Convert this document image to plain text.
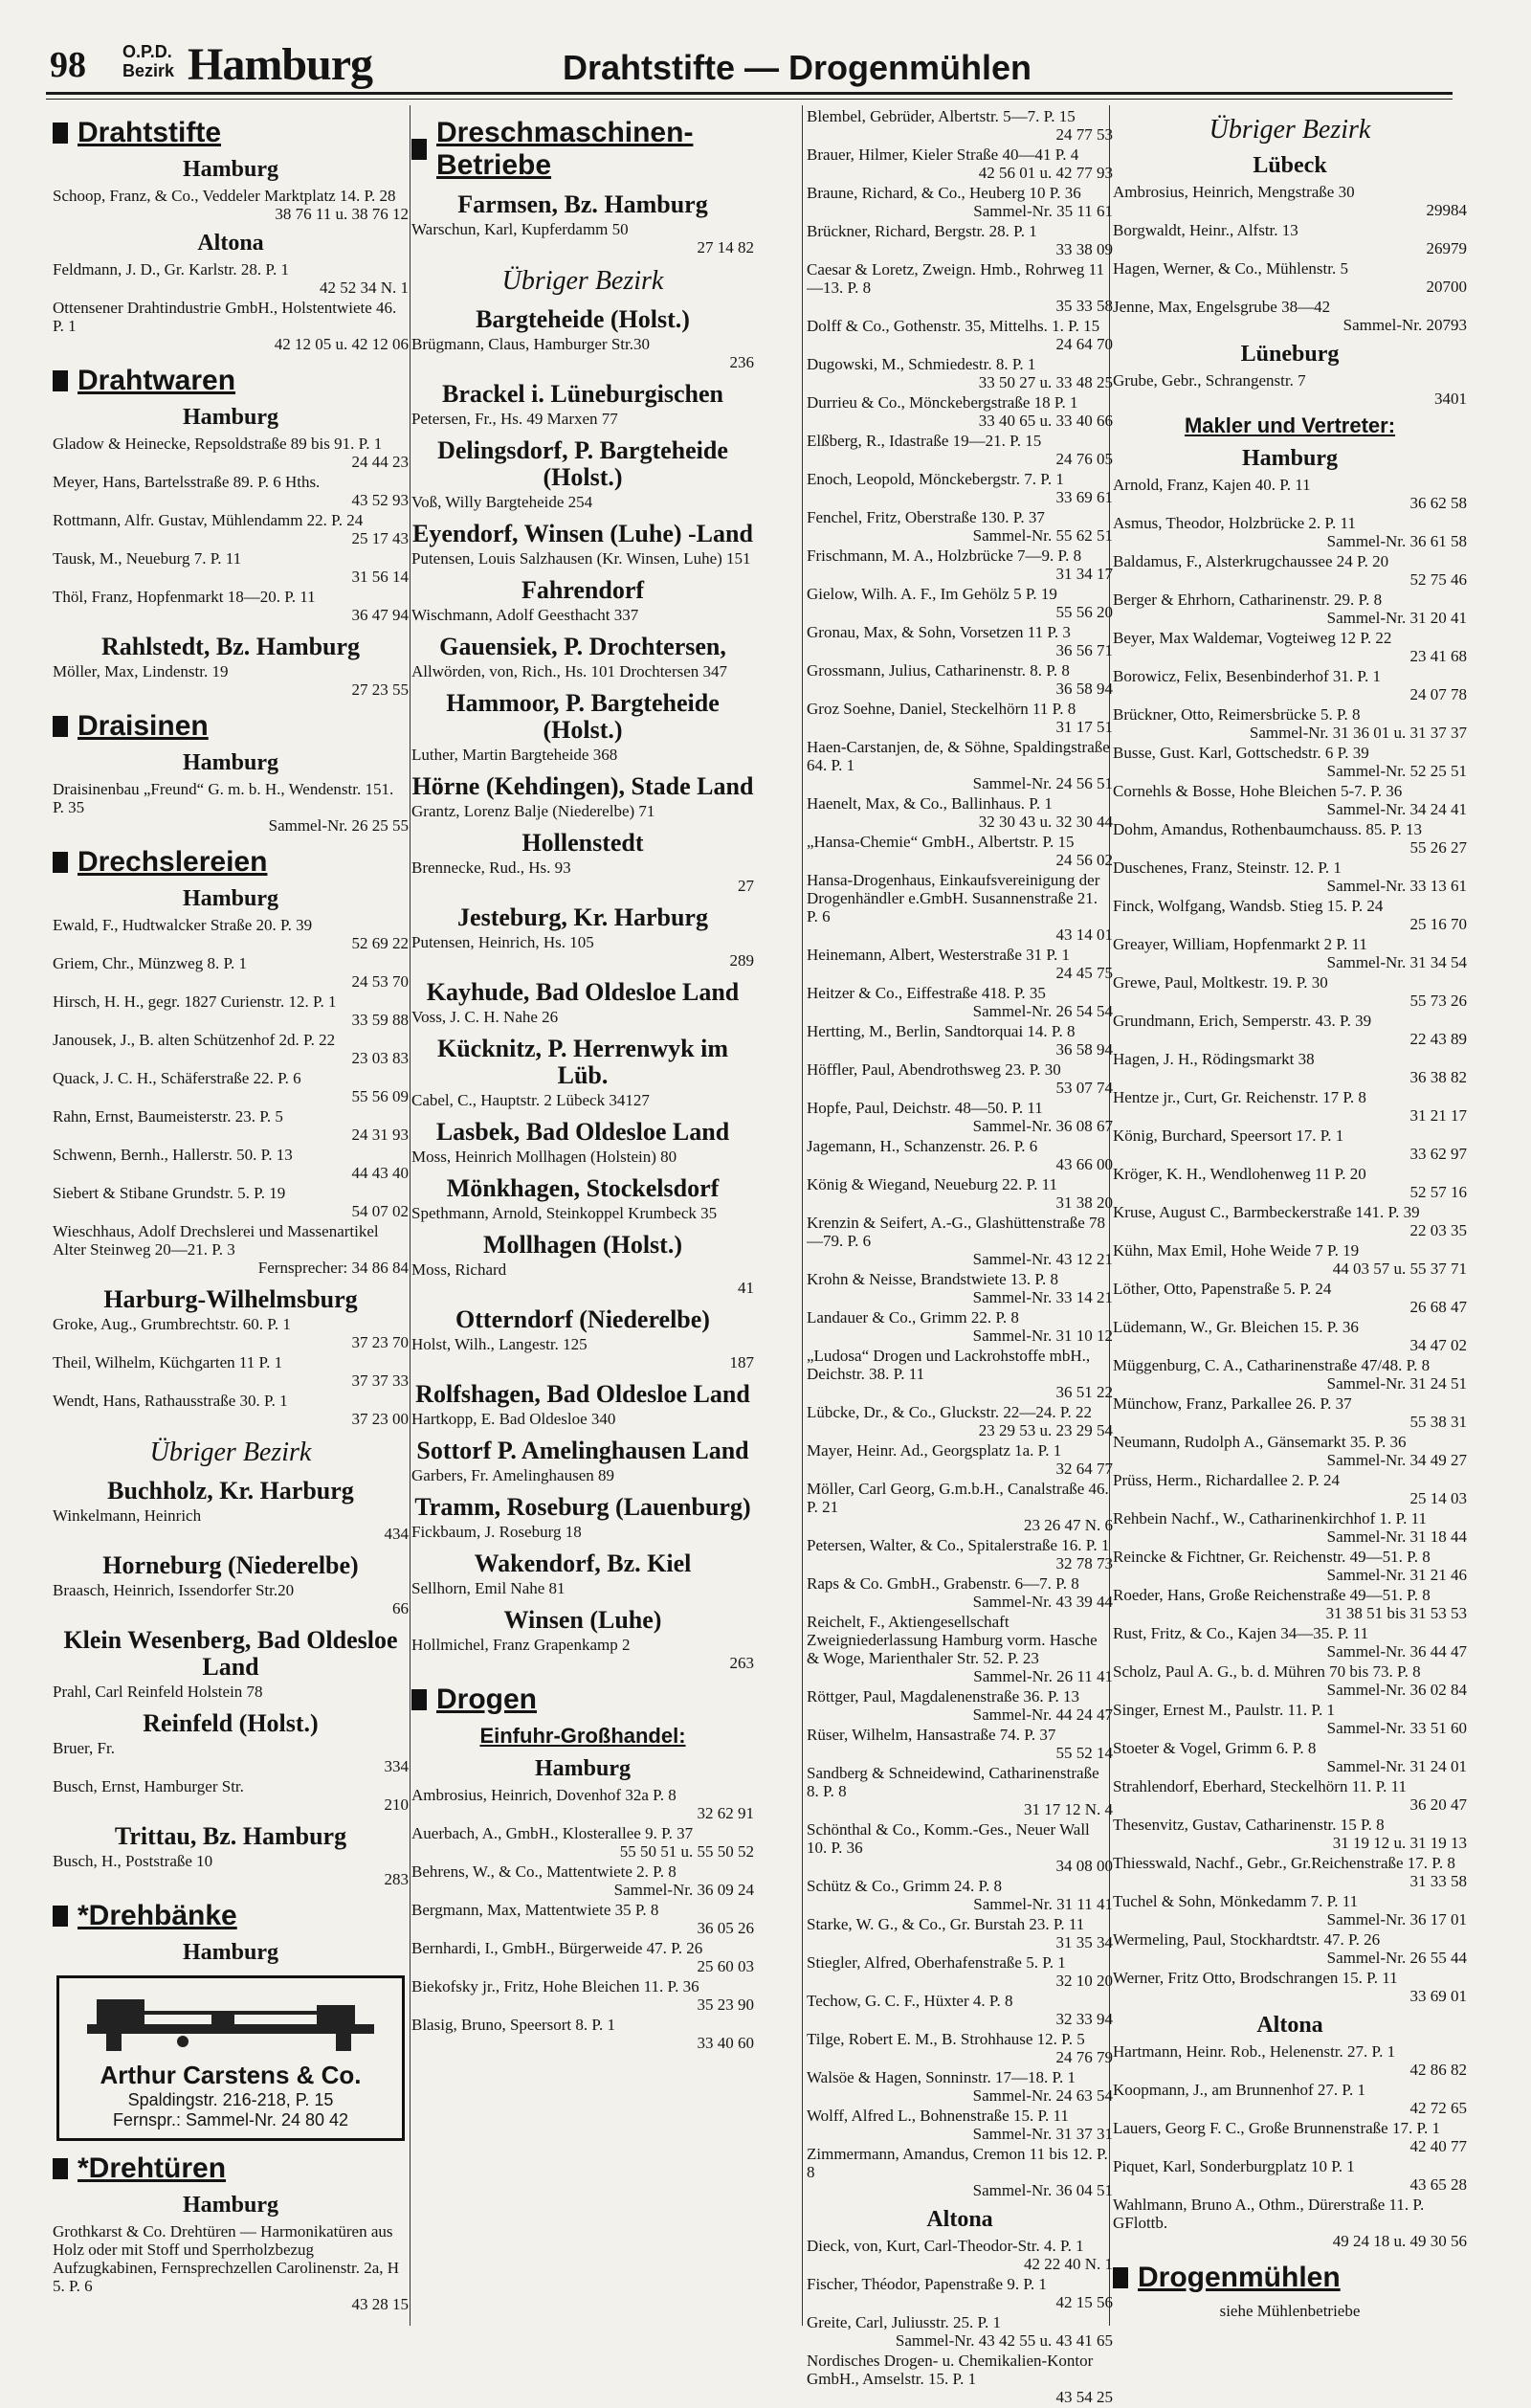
98 O.P.D.
Bezirk Hamburg	Drahtstifte — Drogenmühlen
Drahtstifte
Hamburg
Schoop, Franz, & Co., Veddeler Marktplatz 14. P. 28
38 76 11 u. 38 76 12
Altona
Feldmann, J. D., Gr. Karlstr. 28. P. 1
42 52 34 N. 1
Ottensener Drahtindustrie GmbH., Holstentwiete 46. P. 1
42 12 05 u. 42 12 06
Drahtwaren
Hamburg
Gladow & Heinecke, Repsoldstraße 89 bis 91. P. 1
24 44 23
Meyer, Hans, Bartelsstraße 89. P. 6 Hths.
43 52 93
Rottmann, Alfr. Gustav, Mühlendamm 22. P. 24
25 17 43
Tausk, M., Neueburg 7. P. 11
31 56 14
Thöl, Franz, Hopfenmarkt 18—20. P. 11
36 47 94
Rahlstedt, Bz. Hamburg
Möller, Max, Lindenstr. 19
27 23 55
Draisinen
Hamburg
Draisinenbau „Freund“ G. m. b. H., Wendenstr. 151. P. 35
Sammel-Nr. 26 25 55
Drechslereien
Hamburg
Ewald, F., Hudtwalcker Straße 20. P. 39
52 69 22
Griem, Chr., Münzweg 8. P. 1
24 53 70
Hirsch, H. H., gegr. 1827 Curienstr. 12. P. 1
33 59 88
Janousek, J., B. alten Schützenhof 2d. P. 22
23 03 83
Quack, J. C. H., Schäferstraße 22. P. 6
55 56 09
Rahn, Ernst, Baumeisterstr. 23. P. 5
24 31 93
Schwenn, Bernh., Hallerstr. 50. P. 13
44 43 40
Siebert & Stibane Grundstr. 5. P. 19
54 07 02
Wieschhaus, Adolf Drechslerei und Massenartikel Alter Steinweg 20—21. P. 3
Fernsprecher: 34 86 84
Harburg-Wilhelmsburg
Groke, Aug., Grumbrechtstr. 60. P. 1
37 23 70
Theil, Wilhelm, Küchgarten 11 P. 1
37 37 33
Wendt, Hans, Rathausstraße 30. P. 1
37 23 00
Übriger Bezirk
Buchholz, Kr. Harburg
Winkelmann, Heinrich
434
Horneburg (Niederelbe)
Braasch, Heinrich, Issendorfer Str.20
66
Klein Wesenberg, Bad Oldesloe Land
Prahl, Carl Reinfeld Holstein 78
Reinfeld (Holst.)
Bruer, Fr.
334
Busch, Ernst, Hamburger Str.
210
Trittau, Bz. Hamburg
Busch, H., Poststraße 10
283
*Drehbänke
Hamburg
Arthur Carstens & Co.
Spaldingstr. 216-218, P. 15
Fernspr.: Sammel-Nr. 24 80 42
*Drehtüren
Hamburg
Grothkarst & Co. Drehtüren — Harmonikatüren aus Holz oder mit Stoff und Sperrholzbezug Aufzugkabinen, Fernsprechzellen Carolinenstr. 2a, H 5. P. 6
43 28 15
Dreschmaschinen-Betriebe
Farmsen, Bz. Hamburg
Warschun, Karl, Kupferdamm 50
27 14 82
Übriger Bezirk
Bargteheide (Holst.)
Brügmann, Claus, Hamburger Str.30
236
Brackel i. Lüneburgischen
Petersen, Fr., Hs. 49 Marxen 77
Delingsdorf, P. Bargteheide (Holst.)
Voß, Willy Bargteheide 254
Eyendorf, Winsen (Luhe) -Land
Putensen, Louis Salzhausen (Kr. Winsen, Luhe) 151
Fahrendorf
Wischmann, Adolf Geesthacht 337
Gauensiek, P. Drochtersen,
Allwörden, von, Rich., Hs. 101 Drochtersen 347
Hammoor, P. Bargteheide (Holst.)
Luther, Martin Bargteheide 368
Hörne (Kehdingen), Stade Land
Grantz, Lorenz Balje (Niederelbe) 71
Hollenstedt
Brennecke, Rud., Hs. 93
27
Jesteburg, Kr. Harburg
Putensen, Heinrich, Hs. 105
289
Kayhude, Bad Oldesloe Land
Voss, J. C. H. Nahe 26
Kücknitz, P. Herrenwyk im Lüb.
Cabel, C., Hauptstr. 2 Lübeck 34127
Lasbek, Bad Oldesloe Land
Moss, Heinrich Mollhagen (Holstein) 80
Mönkhagen, Stockelsdorf
Spethmann, Arnold, Steinkoppel Krumbeck 35
Mollhagen (Holst.)
Moss, Richard
41
Otterndorf (Niederelbe)
Holst, Wilh., Langestr. 125
187
Rolfshagen, Bad Oldesloe Land
Hartkopp, E. Bad Oldesloe 340
Sottorf P. Amelinghausen Land
Garbers, Fr. Amelinghausen 89
Tramm, Roseburg (Lauenburg)
Fickbaum, J. Roseburg 18
Wakendorf, Bz. Kiel
Sellhorn, Emil Nahe 81
Winsen (Luhe)
Hollmichel, Franz Grapenkamp 2
263
Drogen
Einfuhr-Großhandel:
Hamburg
Ambrosius, Heinrich, Dovenhof 32a P. 8
32 62 91
Auerbach, A., GmbH., Klosterallee 9. P. 37
55 50 51 u. 55 50 52
Behrens, W., & Co., Mattentwiete 2. P. 8
Sammel-Nr. 36 09 24
Bergmann, Max, Mattentwiete 35 P. 8
36 05 26
Bernhardi, I., GmbH., Bürgerweide 47. P. 26
25 60 03
Biekofsky jr., Fritz, Hohe Bleichen 11. P. 36
35 23 90
Blasig, Bruno, Speersort 8. P. 1
33 40 60
Blembel, Gebrüder, Albertstr. 5—7. P. 15
24 77 53
Brauer, Hilmer, Kieler Straße 40—41 P. 4
42 56 01 u. 42 77 93
Braune, Richard, & Co., Heuberg 10 P. 36
Sammel-Nr. 35 11 61
Brückner, Richard, Bergstr. 28. P. 1
33 38 09
Caesar & Loretz, Zweign. Hmb., Rohrweg 11—13. P. 8
35 33 58
Dolff & Co., Gothenstr. 35, Mittelhs. 1. P. 15
24 64 70
Dugowski, M., Schmiedestr. 8. P. 1
33 50 27 u. 33 48 25
Durrieu & Co., Mönckebergstraße 18 P. 1
33 40 65 u. 33 40 66
Elßberg, R., Idastraße 19—21. P. 15
24 76 05
Enoch, Leopold, Mönckebergstr. 7. P. 1
33 69 61
Fenchel, Fritz, Oberstraße 130. P. 37
Sammel-Nr. 55 62 51
Frischmann, M. A., Holzbrücke 7—9. P. 8
31 34 17
Gielow, Wilh. A. F., Im Gehölz 5 P. 19
55 56 20
Gronau, Max, & Sohn, Vorsetzen 11 P. 3
36 56 71
Grossmann, Julius, Catharinenstr. 8. P. 8
36 58 94
Groz Soehne, Daniel, Steckelhörn 11 P. 8
31 17 51
Haen-Carstanjen, de, & Söhne, Spaldingstraße 64. P. 1
Sammel-Nr. 24 56 51
Haenelt, Max, & Co., Ballinhaus. P. 1
32 30 43 u. 32 30 44
„Hansa-Chemie“ GmbH., Albertstr. P. 15
24 56 02
Hansa-Drogenhaus, Einkaufsvereinigung der Drogenhändler e.GmbH. Susannenstraße 21. P. 6
43 14 01
Heinemann, Albert, Westerstraße 31 P. 1
24 45 75
Heitzer & Co., Eiffestraße 418. P. 35
Sammel-Nr. 26 54 54
Hertting, M., Berlin, Sandtorquai 14. P. 8
36 58 94
Höffler, Paul, Abendrothsweg 23. P. 30
53 07 74
Hopfe, Paul, Deichstr. 48—50. P. 11
Sammel-Nr. 36 08 67
Jagemann, H., Schanzenstr. 26. P. 6
43 66 00
König & Wiegand, Neueburg 22. P. 11
31 38 20
Krenzin & Seifert, A.-G., Glashüttenstraße 78—79. P. 6
Sammel-Nr. 43 12 21
Krohn & Neisse, Brandstwiete 13. P. 8
Sammel-Nr. 33 14 21
Landauer & Co., Grimm 22. P. 8
Sammel-Nr. 31 10 12
„Ludosa“ Drogen und Lackrohstoffe mbH., Deichstr. 38. P. 11
36 51 22
Lübcke, Dr., & Co., Gluckstr. 22—24. P. 22
23 29 53 u. 23 29 54
Mayer, Heinr. Ad., Georgsplatz 1a. P. 1
32 64 77
Möller, Carl Georg, G.m.b.H., Canalstraße 46. P. 21
23 26 47 N. 6
Petersen, Walter, & Co., Spitalerstraße 16. P. 1
32 78 73
Raps & Co. GmbH., Grabenstr. 6—7. P. 8
Sammel-Nr. 43 39 44
Reichelt, F., Aktiengesellschaft Zweigniederlassung Hamburg vorm. Hasche & Woge, Marienthaler Str. 52. P. 23
Sammel-Nr. 26 11 41
Röttger, Paul, Magdalenenstraße 36. P. 13
Sammel-Nr. 44 24 47
Rüser, Wilhelm, Hansastraße 74. P. 37
55 52 14
Sandberg & Schneidewind, Catharinenstraße 8. P. 8
31 17 12 N. 4
Schönthal & Co., Komm.-Ges., Neuer Wall 10. P. 36
34 08 00
Schütz & Co., Grimm 24. P. 8
Sammel-Nr. 31 11 41
Starke, W. G., & Co., Gr. Burstah 23. P. 11
31 35 34
Stiegler, Alfred, Oberhafenstraße 5. P. 1
32 10 20
Techow, G. C. F., Hüxter 4. P. 8
32 33 94
Tilge, Robert E. M., B. Strohhause 12. P. 5
24 76 79
Walsöe & Hagen, Sonninstr. 17—18. P. 1
Sammel-Nr. 24 63 54
Wolff, Alfred L., Bohnenstraße 15. P. 11
Sammel-Nr. 31 37 31
Zimmermann, Amandus, Cremon 11 bis 12. P. 8
Sammel-Nr. 36 04 51
Altona
Dieck, von, Kurt, Carl-Theodor-Str. 4. P. 1
42 22 40 N. 1
Fischer, Théodor, Papenstraße 9. P. 1
42 15 56
Greite, Carl, Juliusstr. 25. P. 1
Sammel-Nr. 43 42 55 u. 43 41 65
Nordisches Drogen- u. Chemikalien-Kontor GmbH., Amselstr. 15. P. 1
43 54 25
Übriger Bezirk
Lübeck
Ambrosius, Heinrich, Mengstraße 30
29984
Borgwaldt, Heinr., Alfstr. 13
26979
Hagen, Werner, & Co., Mühlenstr. 5
20700
Jenne, Max, Engelsgrube 38—42
Sammel-Nr. 20793
Lüneburg
Grube, Gebr., Schrangenstr. 7
3401
Makler und Vertreter:
Hamburg
Arnold, Franz, Kajen 40. P. 11
36 62 58
Asmus, Theodor, Holzbrücke 2. P. 11
Sammel-Nr. 36 61 58
Baldamus, F., Alsterkrugchaussee 24 P. 20
52 75 46
Berger & Ehrhorn, Catharinenstr. 29. P. 8
Sammel-Nr. 31 20 41
Beyer, Max Waldemar, Vogteiweg 12 P. 22
23 41 68
Borowicz, Felix, Besenbinderhof 31. P. 1
24 07 78
Brückner, Otto, Reimersbrücke 5. P. 8
Sammel-Nr. 31 36 01 u. 31 37 37
Busse, Gust. Karl, Gottschedstr. 6 P. 39
Sammel-Nr. 52 25 51
Cornehls & Bosse, Hohe Bleichen 5-7. P. 36
Sammel-Nr. 34 24 41
Dohm, Amandus, Rothenbaumchauss. 85. P. 13
55 26 27
Duschenes, Franz, Steinstr. 12. P. 1
Sammel-Nr. 33 13 61
Finck, Wolfgang, Wandsb. Stieg 15. P. 24
25 16 70
Greayer, William, Hopfenmarkt 2 P. 11
Sammel-Nr. 31 34 54
Grewe, Paul, Moltkestr. 19. P. 30
55 73 26
Grundmann, Erich, Semperstr. 43. P. 39
22 43 89
Hagen, J. H., Rödingsmarkt 38
36 38 82
Hentze jr., Curt, Gr. Reichenstr. 17 P. 8
31 21 17
König, Burchard, Speersort 17. P. 1
33 62 97
Kröger, K. H., Wendlohenweg 11 P. 20
52 57 16
Kruse, August C., Barmbeckerstraße 141. P. 39
22 03 35
Kühn, Max Emil, Hohe Weide 7 P. 19
44 03 57 u. 55 37 71
Löther, Otto, Papenstraße 5. P. 24
26 68 47
Lüdemann, W., Gr. Bleichen 15. P. 36
34 47 02
Müggenburg, C. A., Catharinenstraße 47/48. P. 8
Sammel-Nr. 31 24 51
Münchow, Franz, Parkallee 26. P. 37
55 38 31
Neumann, Rudolph A., Gänsemarkt 35. P. 36
Sammel-Nr. 34 49 27
Prüss, Herm., Richardallee 2. P. 24
25 14 03
Rehbein Nachf., W., Catharinenkirchhof 1. P. 11
Sammel-Nr. 31 18 44
Reincke & Fichtner, Gr. Reichenstr. 49—51. P. 8
Sammel-Nr. 31 21 46
Roeder, Hans, Große Reichenstraße 49—51. P. 8
31 38 51 bis 31 53 53
Rust, Fritz, & Co., Kajen 34—35. P. 11
Sammel-Nr. 36 44 47
Scholz, Paul A. G., b. d. Mühren 70 bis 73. P. 8
Sammel-Nr. 36 02 84
Singer, Ernest M., Paulstr. 11. P. 1
Sammel-Nr. 33 51 60
Stoeter & Vogel, Grimm 6. P. 8
Sammel-Nr. 31 24 01
Strahlendorf, Eberhard, Steckelhörn 11. P. 11
36 20 47
Thesenvitz, Gustav, Catharinenstr. 15 P. 8
31 19 12 u. 31 19 13
Thiesswald, Nachf., Gebr., Gr.Reichenstraße 17. P. 8
31 33 58
Tuchel & Sohn, Mönkedamm 7. P. 11
Sammel-Nr. 36 17 01
Wermeling, Paul, Stockhardtstr. 47. P. 26
Sammel-Nr. 26 55 44
Werner, Fritz Otto, Brodschrangen 15. P. 11
33 69 01
Altona
Hartmann, Heinr. Rob., Helenenstr. 27. P. 1
42 86 82
Koopmann, J., am Brunnenhof 27. P. 1
42 72 65
Lauers, Georg F. C., Große Brunnenstraße 17. P. 1
42 40 77
Piquet, Karl, Sonderburgplatz 10 P. 1
43 65 28
Wahlmann, Bruno A., Othm., Dürerstraße 11. P. GFlottb.
49 24 18 u. 49 30 56
Drogenmühlen
siehe Mühlenbetriebe
